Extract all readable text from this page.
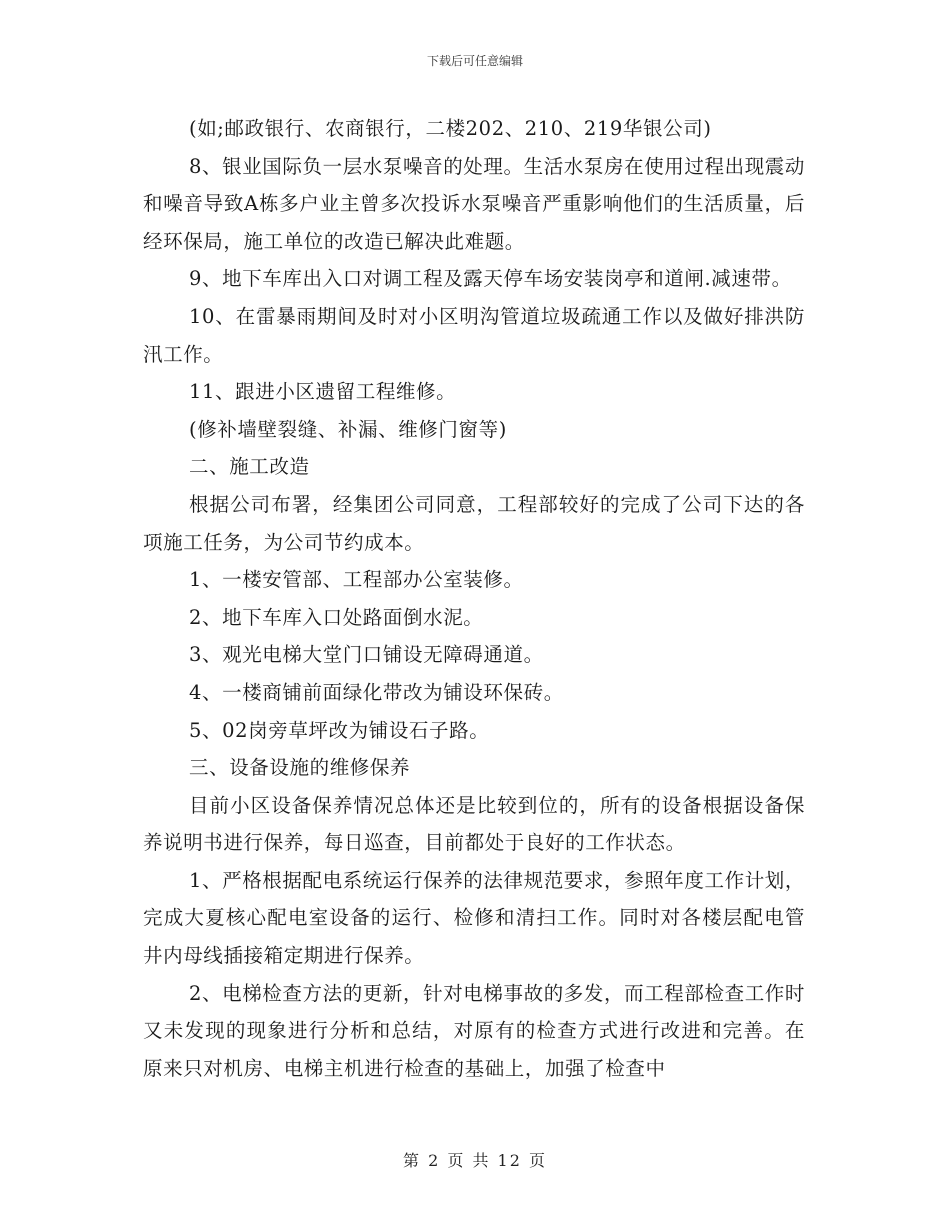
下载后可任意编辑

(如;邮政银行、农商银行，二楼202、210、219华银公司)

8、银业国际负一层水泵噪音的处理。生活水泵房在使用过程出现震动和噪音导致A栋多户业主曾多次投诉水泵噪音严重影响他们的生活质量，后经环保局，施工单位的改造已解决此难题。

9、地下车库出入口对调工程及露天停车场安装岗亭和道闸.减速带。

10、在雷暴雨期间及时对小区明沟管道垃圾疏通工作以及做好排洪防汛工作。

11、跟进小区遗留工程维修。

(修补墙壁裂缝、补漏、维修门窗等)

二、施工改造

根据公司布署，经集团公司同意，工程部较好的完成了公司下达的各项施工任务，为公司节约成本。

1、一楼安管部、工程部办公室装修。

2、地下车库入口处路面倒水泥。

3、观光电梯大堂门口铺设无障碍通道。

4、一楼商铺前面绿化带改为铺设环保砖。

5、02岗旁草坪改为铺设石子路。

三、设备设施的维修保养

目前小区设备保养情况总体还是比较到位的，所有的设备根据设备保养说明书进行保养，每日巡查，目前都处于良好的工作状态。

1、严格根据配电系统运行保养的法律规范要求，参照年度工作计划，完成大夏核心配电室设备的运行、检修和清扫工作。同时对各楼层配电管井内母线插接箱定期进行保养。

2、电梯检查方法的更新，针对电梯事故的多发，而工程部检查工作时又未发现的现象进行分析和总结，对原有的检查方式进行改进和完善。在原来只对机房、电梯主机进行检查的基础上，加强了检查中

第 2 页 共 12 页
